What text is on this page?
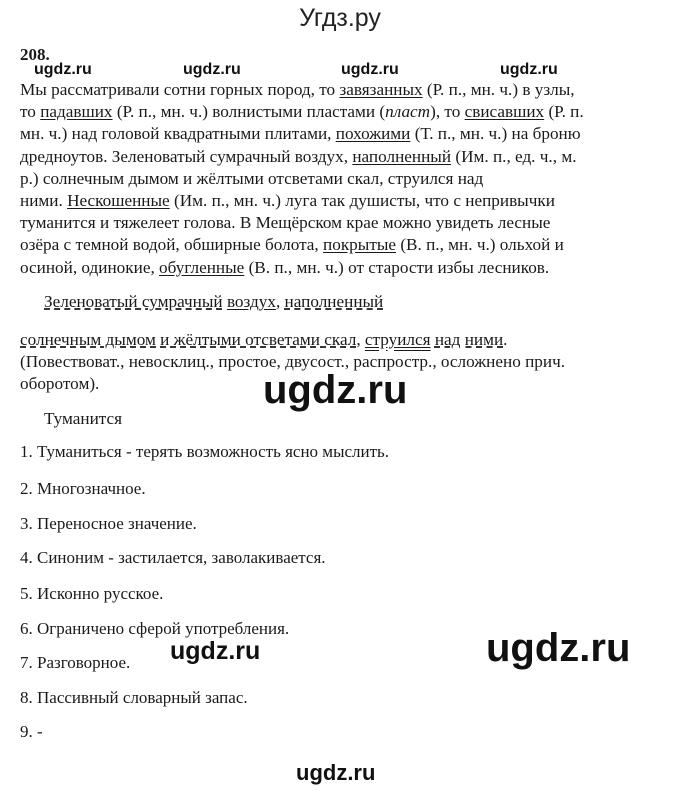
Угдз.ру
208.
ugdz.ru	ugdz.ru	ugdz.ru	ugdz.ru
Мы рассматривали сотни горных пород, то завязанных (Р. п., мн. ч.) в узлы,
то падавших (Р. п., мн. ч.) волнистыми пластами (пласт), то свисавших (Р. п.
мн. ч.) над головой квадратными плитами, похожими (Т. п., мн. ч.) на броню
дредноутов. Зеленоватый сумрачный воздух, наполненный (Им. п., ед. ч., м.
р.) солнечным дымом и жёлтыми отсветами скал, струился над
ними. Нескошенные (Им. п., мн. ч.) луга так душисты, что с непривычки
туманится и тяжелеет голова. В Мещёрском крае можно увидеть лесные
озёра с темной водой, обширные болота, покрытые (В. п., мн. ч.) ольхой и
осиной, одинокие, обугленные (В. п., мн. ч.) от старости избы лесников.
Зеленоватый сумрачный воздух, наполненный
солнечным дымом и жёлтыми отсветами скал, струился над ними.
(Повествоват., невосклиц., простое, двусост., распростр., осложнено прич.
оборотом).	ugdz.ru
Туманится
1. Туманиться - терять возможность ясно мыслить.
2. Многозначное.
3. Переносное значение.
4. Синоним - застилается, заволакивается.
5. Исконно русское.
6. Ограничено сферой употребления.
7. Разговорное.
8. Пассивный словарный запас.
9. -
ugdz.ru	ugdz.ru
ugdz.ru
